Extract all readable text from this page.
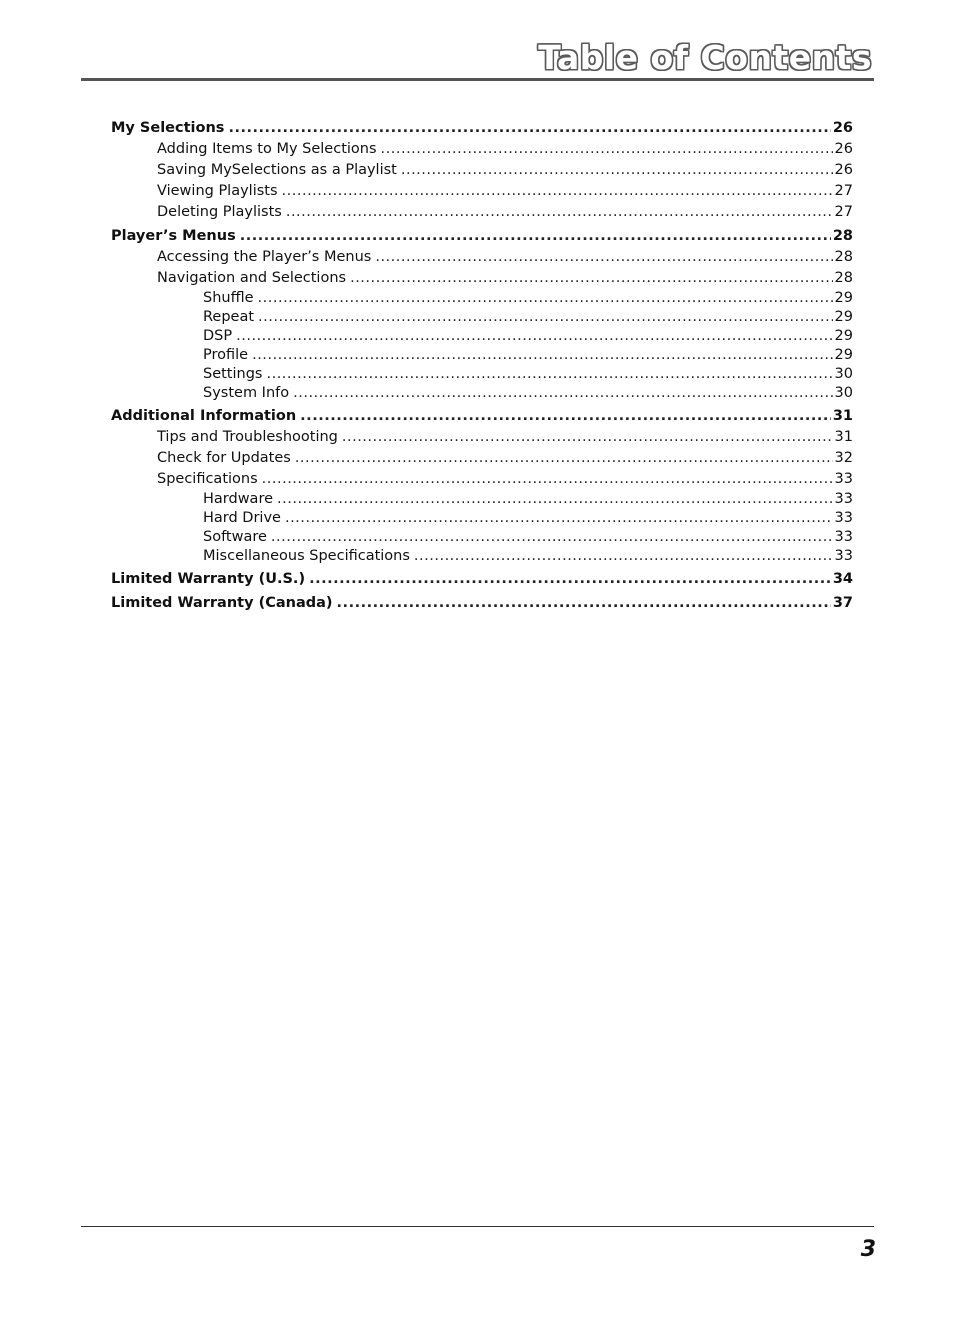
Table of Contents
My Selections .....	26
Adding Items to My Selections .....	26
Saving MySelections as a Playlist .....	26
Viewing Playlists .....	27
Deleting Playlists .....	27
Player’s Menus .....	28
Accessing the Player’s Menus .....	28
Navigation and Selections .....	28
Shuffle .....	29
Repeat .....	29
DSP .....	29
Profile .....	29
Settings .....	30
System Info .....	30
Additional Information .....	31
Tips and Troubleshooting .....	31
Check for Updates .....	32
Specifications .....	33
Hardware .....	33
Hard Drive .....	33
Software .....	33
Miscellaneous Specifications .....	33
Limited Warranty (U.S.) .....	34
Limited Warranty (Canada) .....	37
3
